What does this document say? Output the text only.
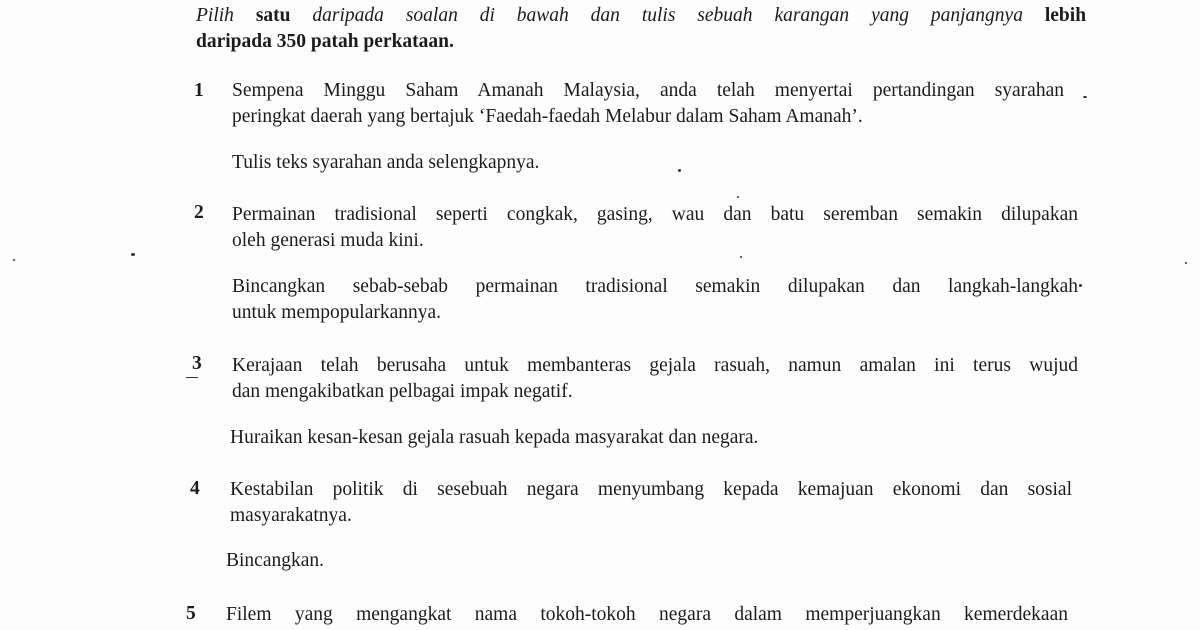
Pilih satu daripada soalan di bawah dan tulis sebuah karangan yang panjangnya lebih
daripada 350 patah perkataan.
1 Sempena Minggu Saham Amanah Malaysia, anda telah menyertai pertandingan syarahan
peringkat daerah yang bertajuk ‘Faedah-faedah Melabur dalam Saham Amanah’.
Tulis teks syarahan anda selengkapnya.
2 Permainan tradisional seperti congkak, gasing, wau dan batu seremban semakin dilupakan
oleh generasi muda kini.
Bincangkan sebab-sebab permainan tradisional semakin dilupakan dan langkah-langkah
untuk mempopularkannya.
3 Kerajaan telah berusaha untuk membanteras gejala rasuah, namun amalan ini terus wujud
dan mengakibatkan pelbagai impak negatif.
Huraikan kesan-kesan gejala rasuah kepada masyarakat dan negara.
4 Kestabilan politik di sesebuah negara menyumbang kepada kemajuan ekonomi dan sosial
masyarakatnya.
Bincangkan.
5 Filem yang mengangkat nama tokoh-tokoh negara dalam memperjuangkan kemerdekaan
